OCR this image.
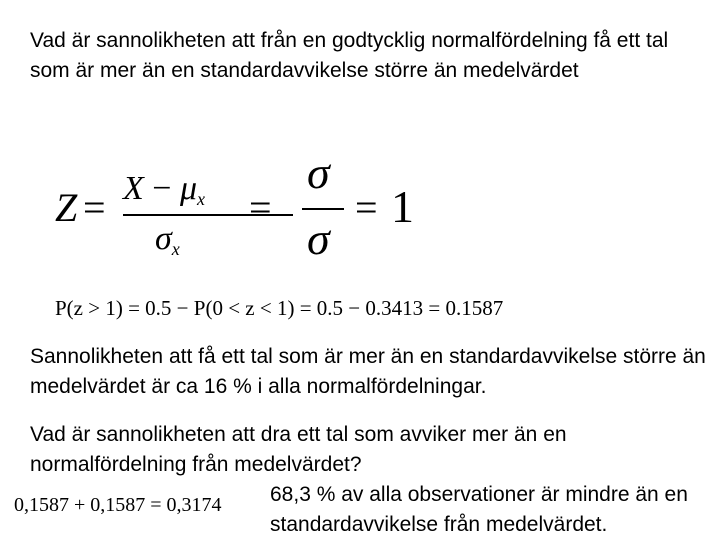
Vad är sannolikheten att från en godtycklig normalfördelning få ett tal som är mer än en standardavvikelse större än medelvärdet

$Z = X - \mu_x$
$\sigma_x$
=
σ
σ
= 1
P(z > 1) = 0.5 − P(0 < z < 1) = 0.5 − 0.3413 = 0.1587

Sannolikheten att få ett tal som är mer än en standardavvikelse större än medelvärdet är ca 16 % i alla normalfördelningar.

Vad är sannolikheten att dra ett tal som avviker mer än en normalfördelning från medelvärdet?

0,1587 + 0,1587 = 0,3174 68,3 % av alla observationer är mindre än en standardavvikelse från medelvärdet.
